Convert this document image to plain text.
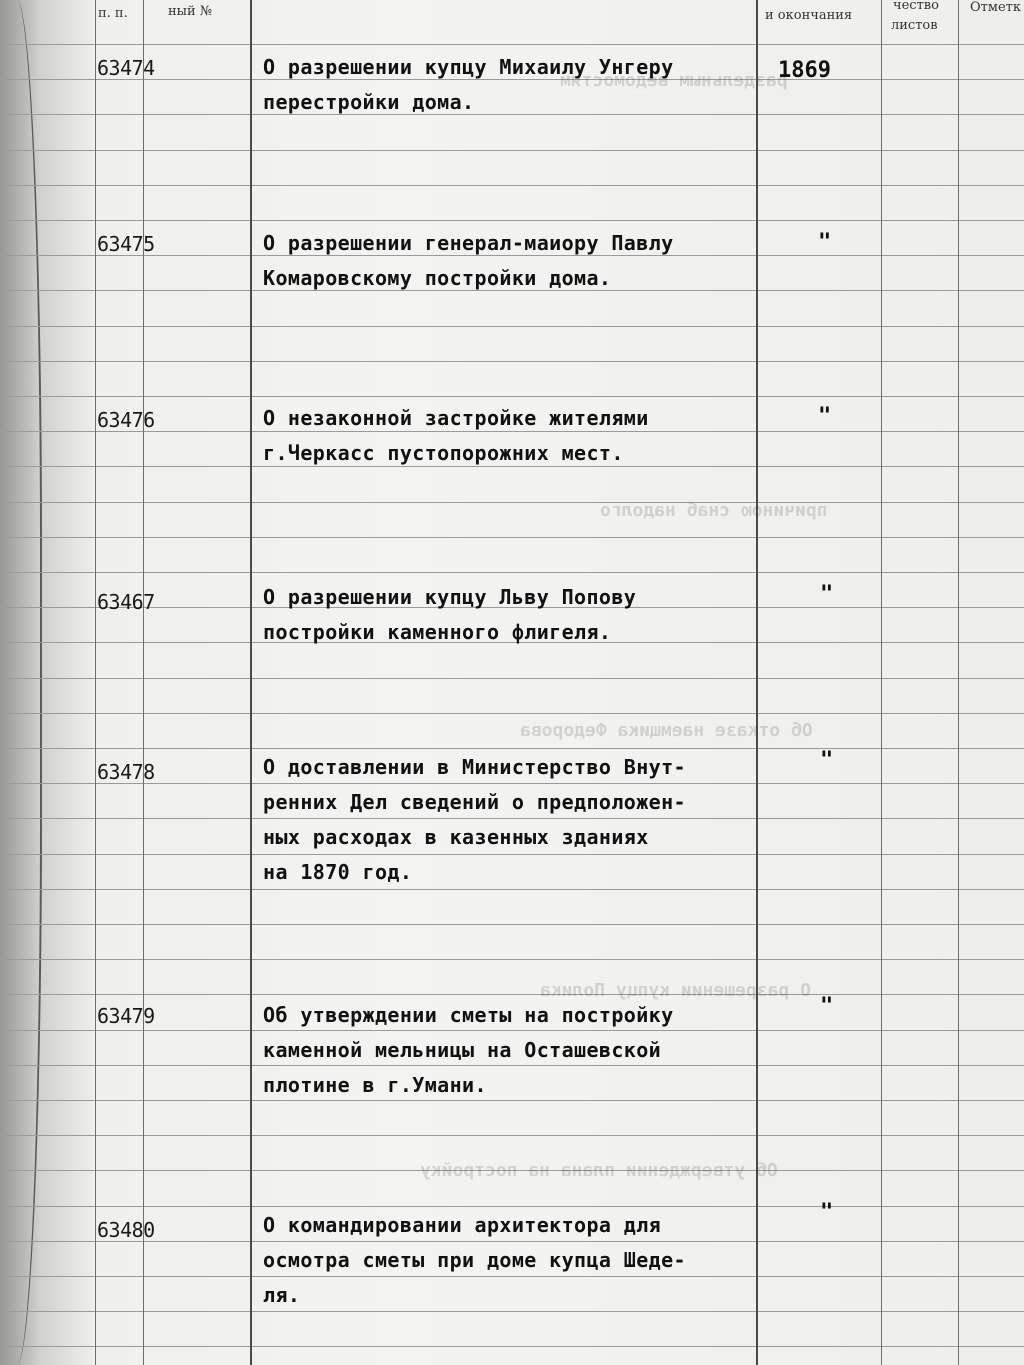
п. п.	ный №	и окончания
чество
листов
Отметк
раздельным ведомостям
причиною снаб надолго
Об отказе наемщика Федорова
О разрешении купцу Полика
Об утверждении плана на постройку
63474	О разрешении купцу Михаилу Унгеру
перестройки дома.
1869
63475	О разрешении генерал-маиору Павлу
Комаровскому постройки дома.
"
63476	О незаконной застройке жителями
г.Черкасс пустопорожних мест.
"
63467	О разрешении купцу Льву Попову
постройки каменного флигеля.
"
63478	О доставлении в Министерство Внут-
ренних Дел сведений о предположен-
ных расходах в казенных зданиях
на 1870 год.
"
63479	Об утверждении сметы на постройку
каменной мельницы на Осташевской
плотине в г.Умани.
"
63480	О командировании архитектора для
осмотра сметы при доме купца Шеде-
ля.
"
